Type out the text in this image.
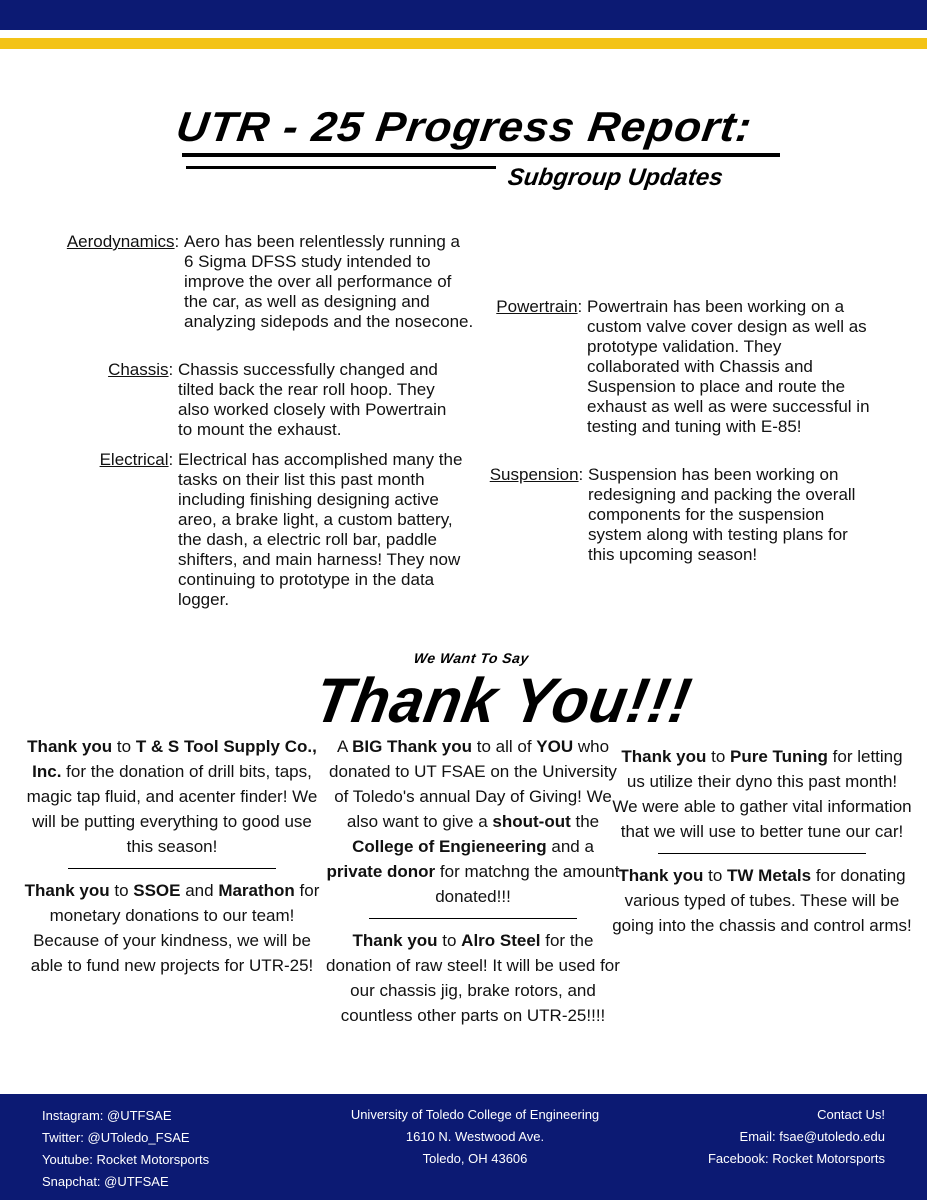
UTR - 25 Progress Report:
Subgroup Updates
Aerodynamics: Aero has been relentlessly running a 6 Sigma DFSS study intended to improve the over all performance of the car, as well as designing and analyzing sidepods and the nosecone.
Chassis: Chassis successfully changed and tilted back the rear roll hoop. They also worked closely with Powertrain to mount the exhaust.
Electrical: Electrical has accomplished many the tasks on their list this past month including finishing designing active areo, a brake light, a custom battery, the dash, a electric roll bar, paddle shifters, and main harness! They now continuing to prototype in the data logger.
Powertrain: Powertrain has been working on a custom valve cover design as well as prototype validation. They collaborated with Chassis and Suspension to place and route the exhaust as well as were successful in testing and tuning with E-85!
Suspension: Suspension has been working on redesigning and packing the overall components for the suspension system along with testing plans for this upcoming season!
We Want To Say
Thank You!!!

Thank you to T & S Tool Supply Co., Inc. for the donation of drill bits, taps, magic tap fluid, and acenter finder! We will be putting everything to good use this season!

Thank you to SSOE and Marathon for monetary donations to our team! Because of your kindness, we will be able to fund new projects for UTR-25!

A BIG Thank you to all of YOU who donated to UT FSAE on the University of Toledo's annual Day of Giving! We also want to give a shout-out the College of Engieneering and a private donor for matchng the amount donated!!!

Thank you to Alro Steel for the donation of raw steel! It will be used for our chassis jig, brake rotors, and countless other parts on UTR-25!!!!

Thank you to Pure Tuning for letting us utilize their dyno this past month! We were able to gather vital information that we will use to better tune our car!

Thank you to TW Metals for donating various typed of tubes. These will be going into the chassis and control arms!

Instagram: @UTFSAE
Twitter: @UToledo_FSAE
Youtube: Rocket Motorsports
Snapchat: @UTFSAE
University of Toledo College of Engineering
1610 N. Westwood Ave.
Toledo, OH 43606
Contact Us!
Email: fsae@utoledo.edu
Facebook: Rocket Motorsports
